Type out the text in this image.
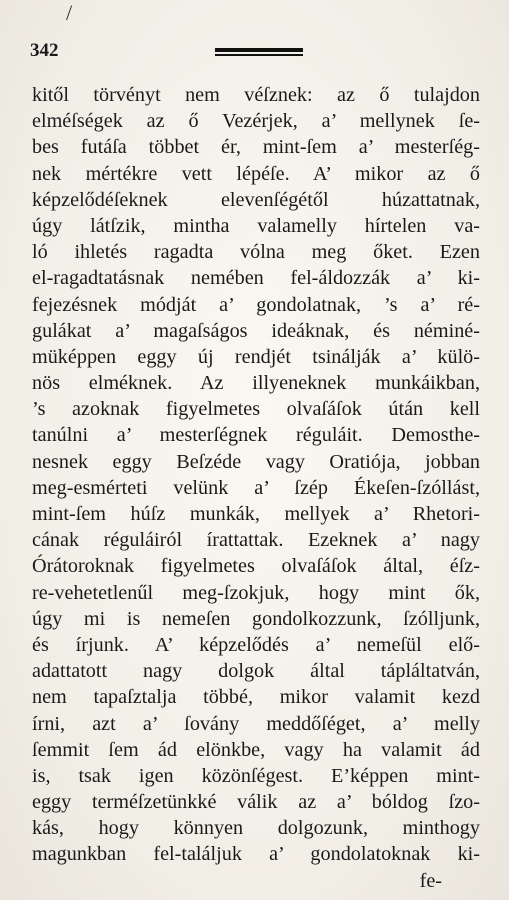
/
342
kitől törvényt nem véſznek: az ő tulajdon
elméſségek az ő Vezérjek, a’ mellynek ſe-
bes futáſa többet ér, mint-ſem a’ mesterſég-
nek mértékre vett lépéſe. A’ mikor az ő
képzelődéſeknek elevenſégétől húzattatnak,
úgy látſzik, mintha valamelly hírtelen va-
ló ihletés ragadta vólna meg őket. Ezen
el-ragadtatásnak nemében fel-áldozzák a’ ki-
fejezésnek módját a’ gondolatnak, ’s a’ ré-
gulákat a’ magaſságos ideáknak, és néminé-
müképpen eggy új rendjét tsinálják a’ külö-
nös elméknek. Az illyeneknek munkáikban,
’s azoknak figyelmetes olvaſáſok útán kell
tanúlni a’ mesterſégnek réguláit. Demosthe-
nesnek eggy Beſzéde vagy Oratiója, jobban
meg-esmérteti velünk a’ ſzép Ékeſen-ſzóllást,
mint-ſem húſz munkák, mellyek a’ Rhetori-
cának réguláiról írattattak. Ezeknek a’ nagy
Órátoroknak figyelmetes olvaſáſok által, éſz-
re-vehetetlenűl meg-ſzokjuk, hogy mint ők,
úgy mi is nemeſen gondolkozzunk, ſzólljunk,
és írjunk. A’ képzelődés a’ nemeſül elő-
adattatott nagy dolgok által tápláltatván,
nem tapaſztalja többé, mikor valamit kezd
írni, azt a’ ſovány meddőſéget, a’ melly
ſemmit ſem ád elönkbe, vagy ha valamit ád
is, tsak igen közönſégest. E’képpen mint-
eggy terméſzetünkké válik az a’ bóldog ſzo-
kás, hogy könnyen dolgozunk, minthogy
magunkban fel-találjuk a’ gondolatoknak ki-
fe-
